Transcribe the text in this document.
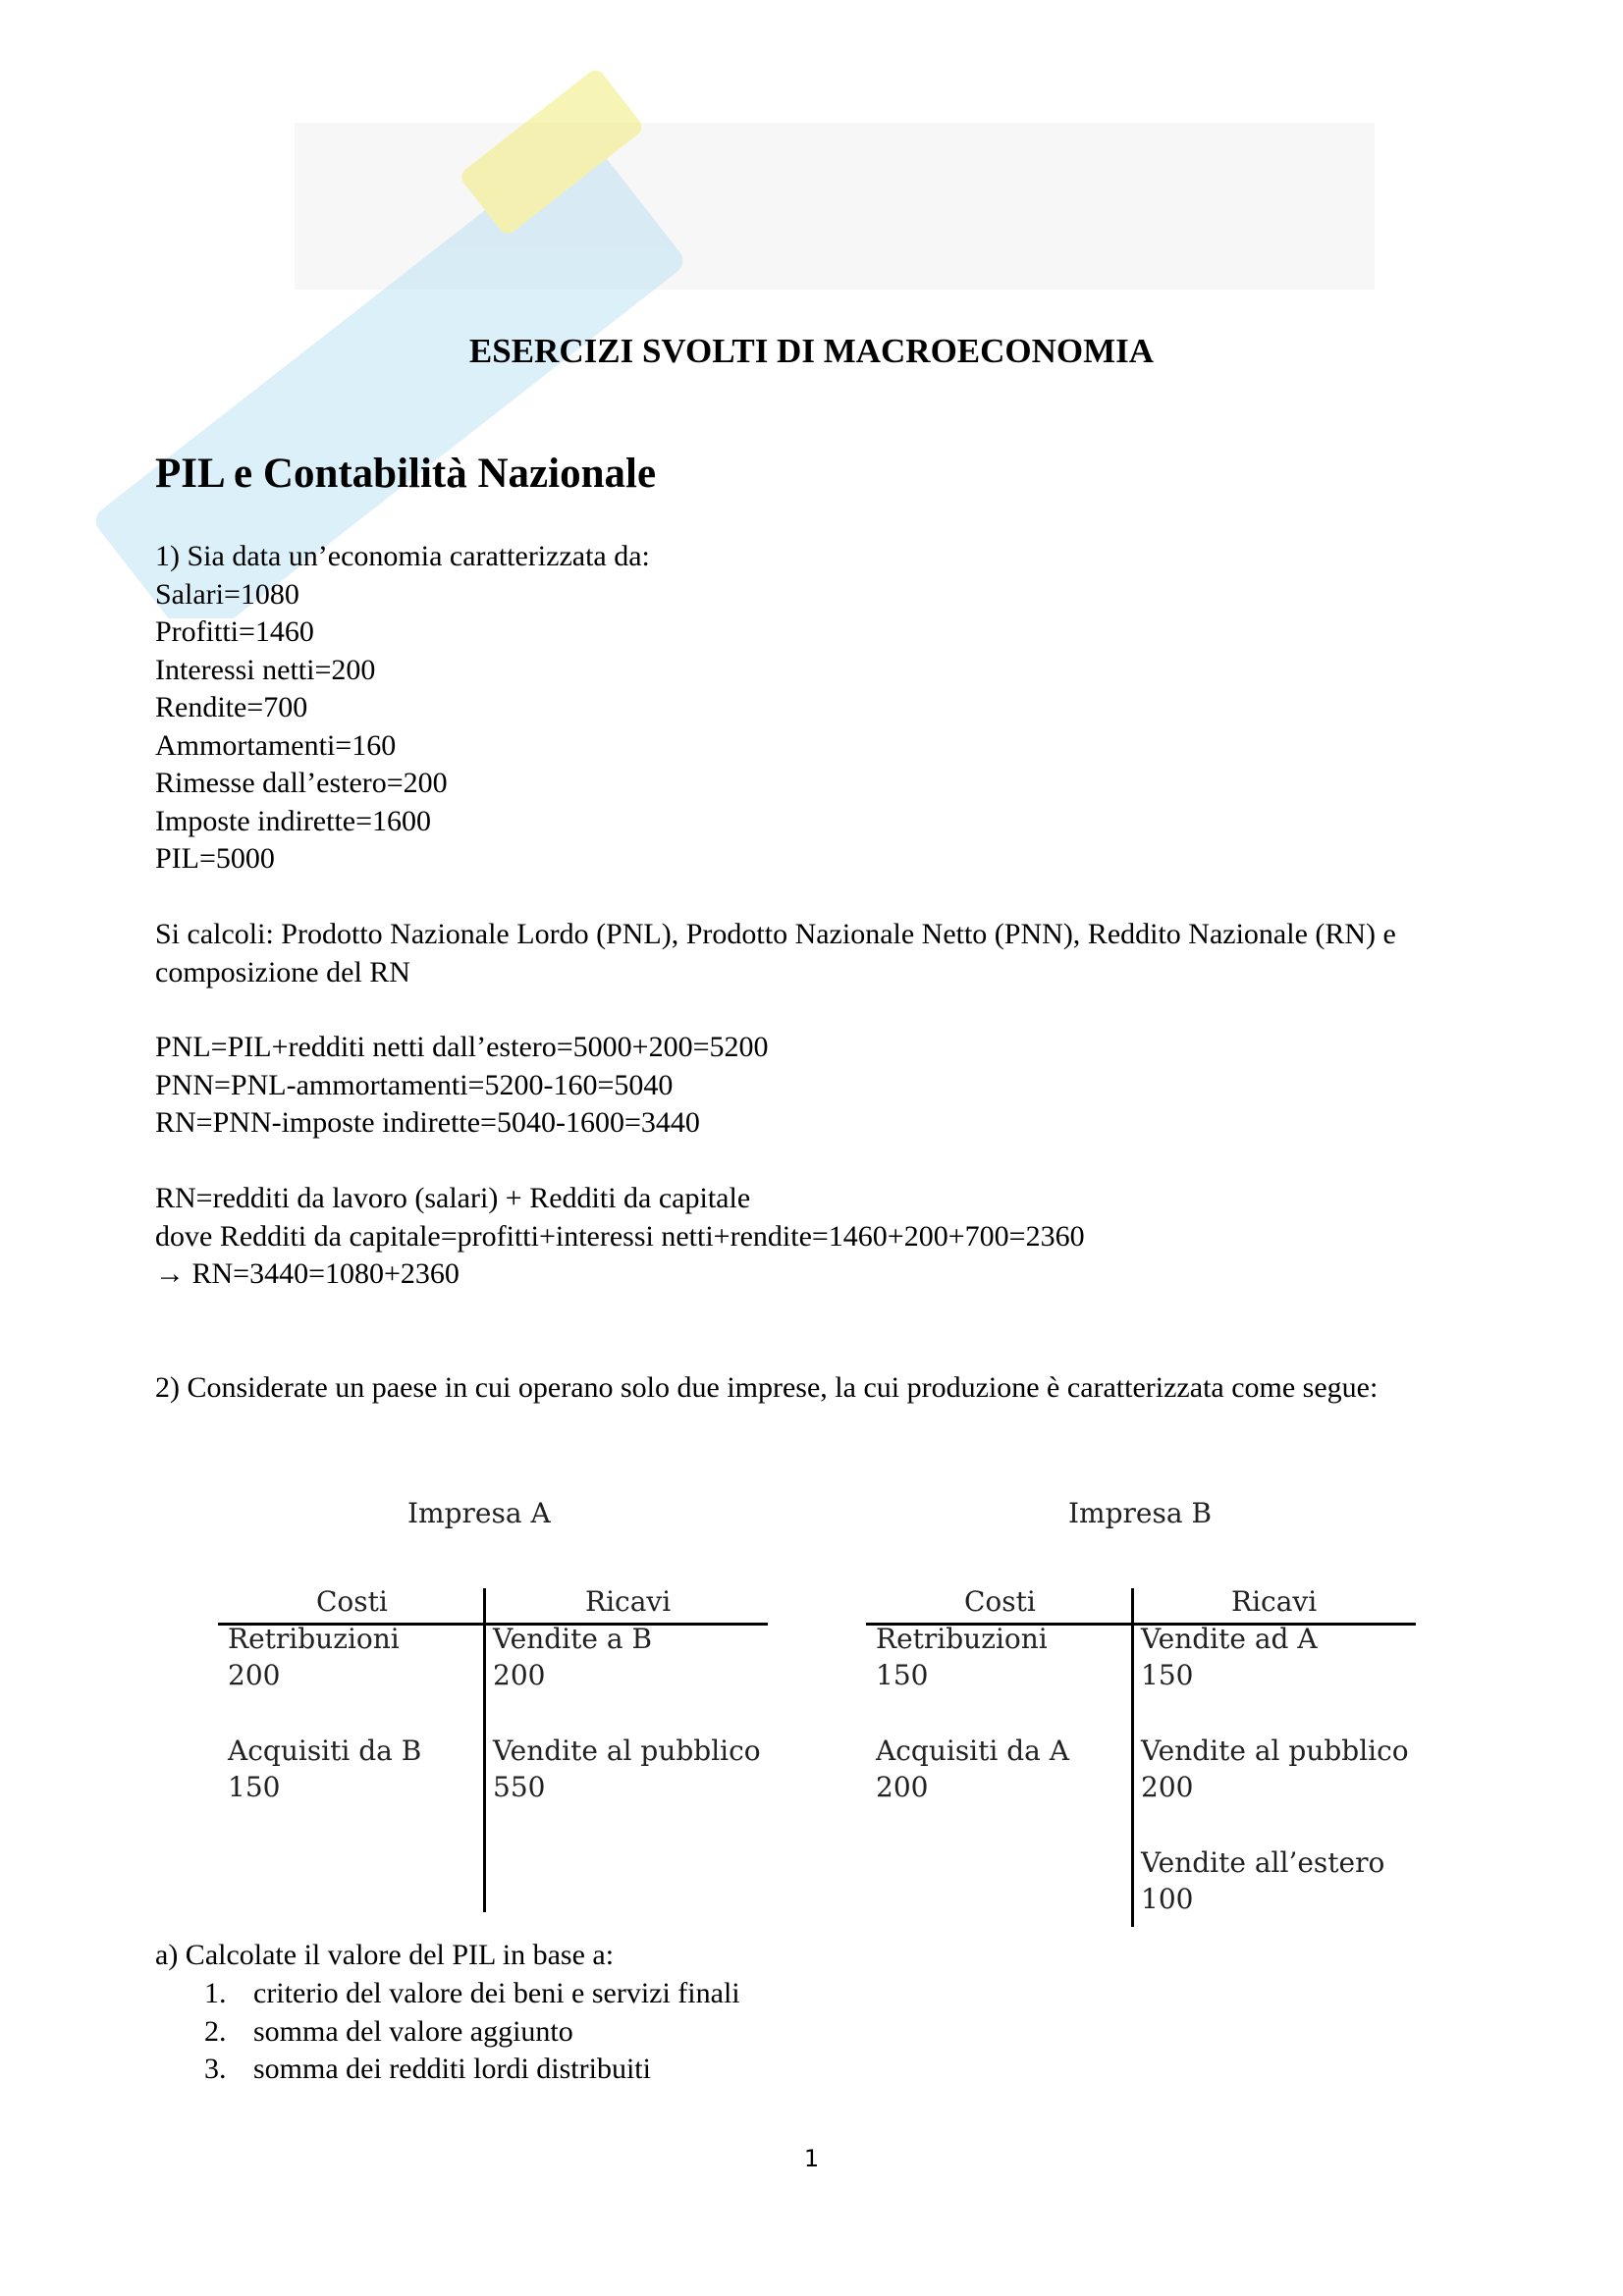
ESERCIZI SVOLTI DI MACROECONOMIA
PIL e Contabilità Nazionale
1) Sia data un’economia caratterizzata da:
Salari=1080
Profitti=1460
Interessi netti=200
Rendite=700
Ammortamenti=160
Rimesse dall’estero=200
Imposte indirette=1600
PIL=5000
Si calcoli: Prodotto Nazionale Lordo (PNL), Prodotto Nazionale Netto (PNN), Reddito Nazionale (RN) e composizione del RN
PNL=PIL+redditi netti dall’estero=5000+200=5200
PNN=PNL-ammortamenti=5200-160=5040
RN=PNN-imposte indirette=5040-1600=3440
RN=redditi da lavoro (salari) + Redditi da capitale
dove Redditi da capitale=profitti+interessi netti+rendite=1460+200+700=2360
→ RN=3440=1080+2360
2) Considerate un paese in cui operano solo due imprese, la cui produzione è caratterizzata come segue:
Impresa A
Costi	Ricavi
Retribuzioni
200
Acquisiti da B
150
Vendite a B
200
Vendite al pubblico
550
Impresa B
Costi	Ricavi
Retribuzioni
150
Acquisiti da A
200
Vendite ad A
150
Vendite al pubblico
200
Vendite all’estero
100
a) Calcolate il valore del PIL in base a:
1. criterio del valore dei beni e servizi finali
2. somma del valore aggiunto
3. somma dei redditi lordi distribuiti
1
